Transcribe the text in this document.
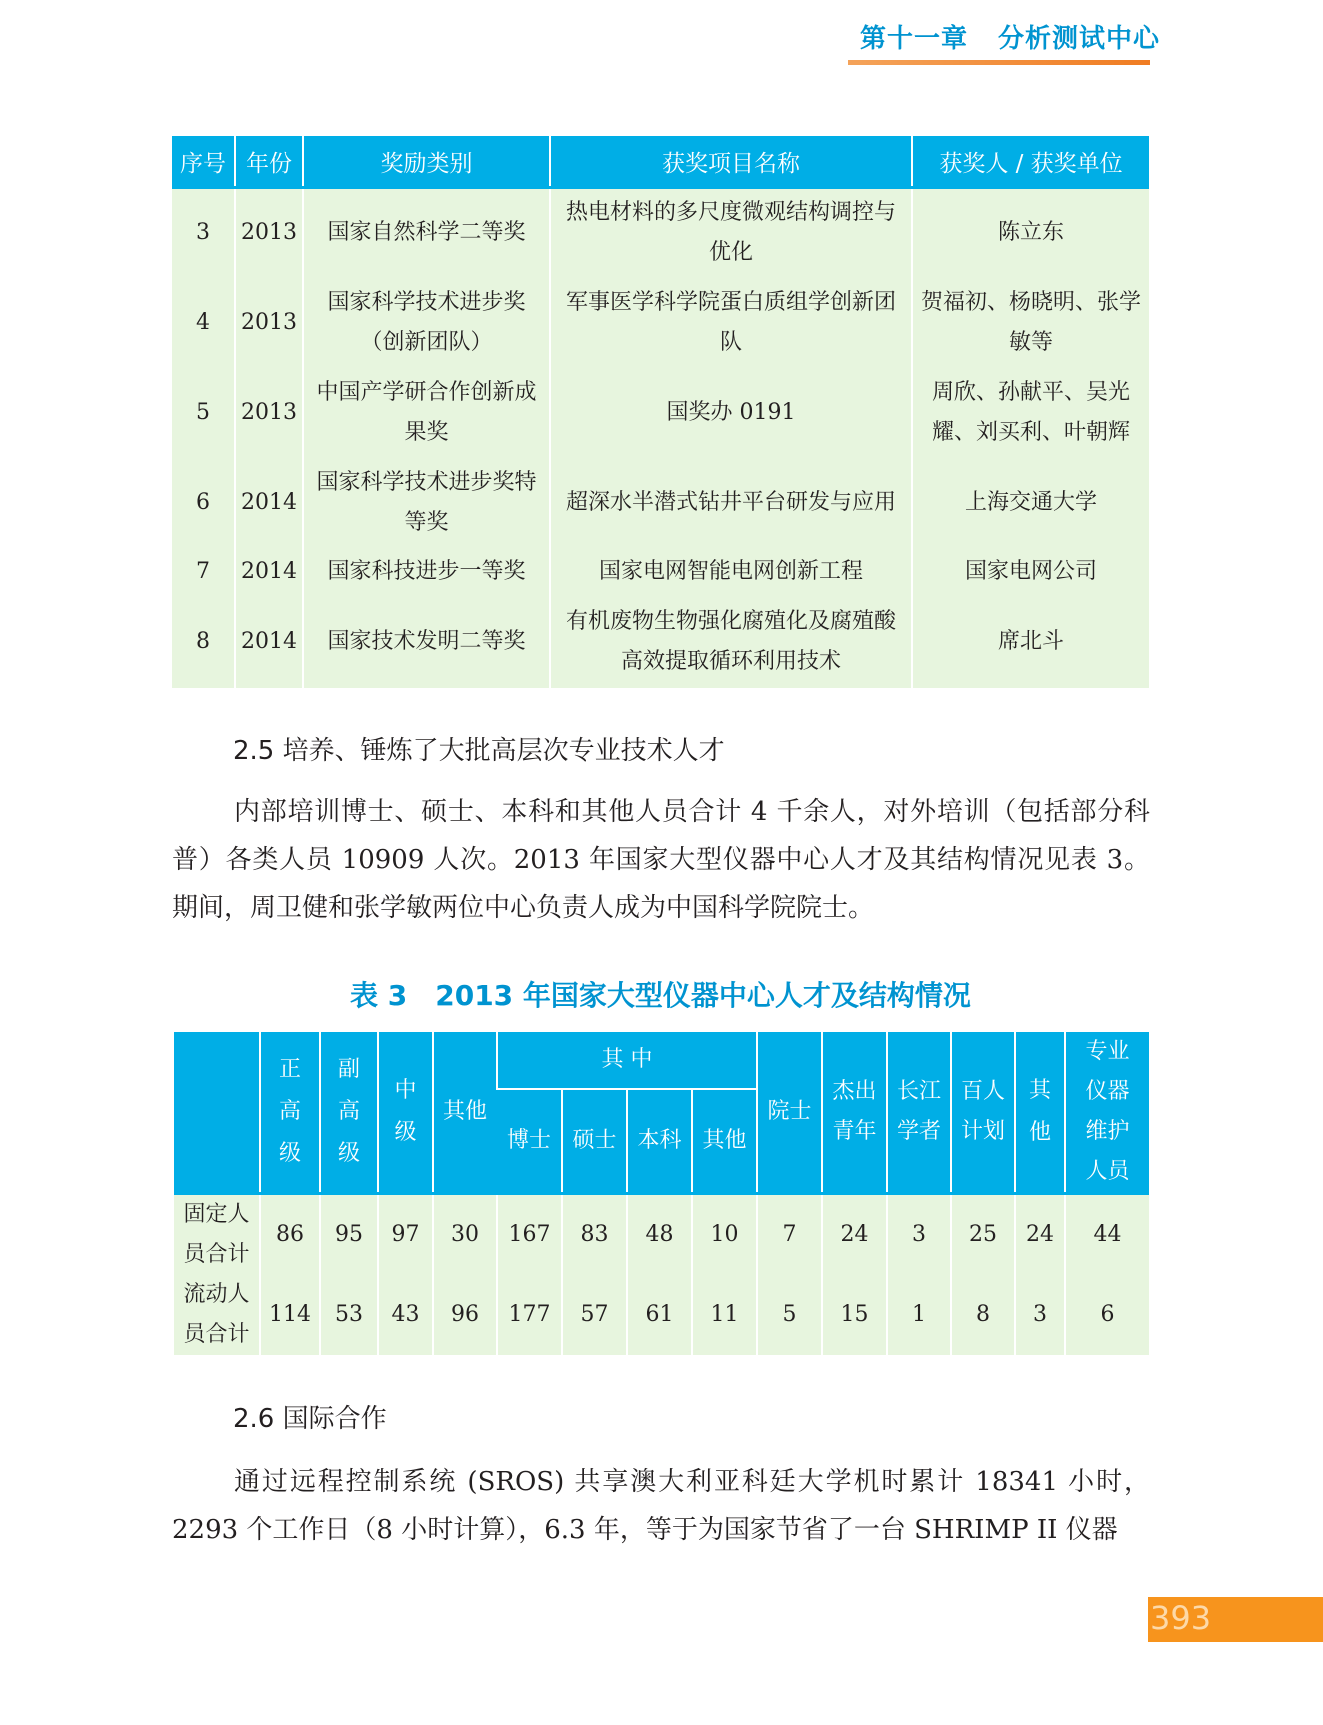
第十一章 分析测试中心
序号	年份	奖励类别	获奖项目名称	获奖人 / 获奖单位
3	2013	国家自然科学二等奖	热电材料的多尺度微观结构调控与优化	陈立东
4	2013	国家科学技术进步奖（创新团队）	军事医学科学院蛋白质组学创新团队	贺福初、杨晓明、张学敏等
5	2013	中国产学研合作创新成果奖	国奖办 0191	周欣、孙献平、吴光耀、刘买利、叶朝辉
6	2014	国家科学技术进步奖特等奖	超深水半潜式钻井平台研发与应用	上海交通大学
7	2014	国家科技进步一等奖	国家电网智能电网创新工程	国家电网公司
8	2014	国家技术发明二等奖	有机废物生物强化腐殖化及腐殖酸高效提取循环利用技术	席北斗
2.5 培养、锤炼了大批高层次专业技术人才

内部培训博士、硕士、本科和其他人员合计 4 千余人，对外培训（包括部分科普）各类人员 10909 人次。2013 年国家大型仪器中心人才及其结构情况见表 3。期间，周卫健和张学敏两位中心负责人成为中国科学院院士。

表 3　2013 年国家大型仪器中心人才及结构情况
	正高级	副高级	中级	其他	其 中				院士	杰出青年	长江学者	百人计划	其他	专业仪器维护人员
					博士	硕士	本科	其他						
固定人员合计	86	95	97	30	167	83	48	10	7	24	3	25	24	44
流动人员合计	114	53	43	96	177	57	61	11	5	15	1	8	3	6
2.6 国际合作

通过远程控制系统 (SROS) 共享澳大利亚科廷大学机时累计 18341 小时，2293 个工作日（8 小时计算），6.3 年，等于为国家节省了一台 SHRIMP II 仪器

393
